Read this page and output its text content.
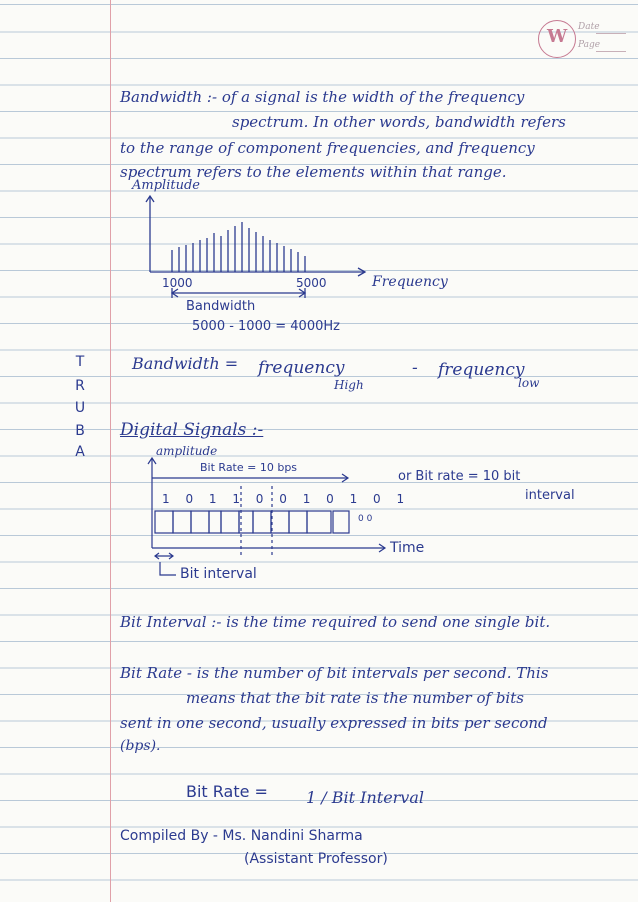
W Date
Page
T
R
U
B
A
Bandwidth :- of a signal is the width of the frequency
spectrum. In other words, bandwidth refers
to the range of component frequencies, and frequency
spectrum refers to the elements within that range.
Amplitude
1000	5000	Frequency
Bandwidth
5000 - 1000 = 4000Hz
Bandwidth = frequency
High
- frequency
low
Digital Signals :-
amplitude
Bit Rate = 10 bps
or Bit rate = 10 bit
interval
1 0 1 1 0 0 1 0 1 0 1
0 0
Time
Bit interval
Bit Interval :- is the time required to send one single bit.
Bit Rate - is the number of bit intervals per second. This
means that the bit rate is the number of bits
sent in one second, usually expressed in bits per second
(bps).
Bit Rate = 1 / Bit Interval
Compiled By - Ms. Nandini Sharma
(Assistant Professor)
